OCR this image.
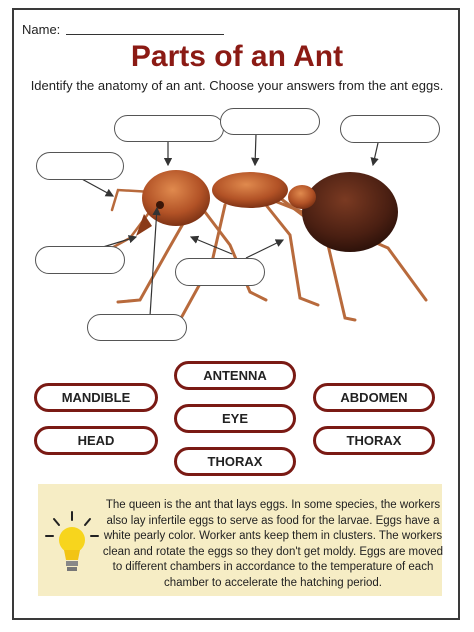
Name:
Parts of an Ant
Identify the anatomy of an ant. Choose your answers from the ant eggs.
ANTENNA
MANDIBLE	ABDOMEN
EYE
HEAD	THORAX
THORAX
The queen is the ant that lays eggs. In some species, the workers also lay infertile eggs to serve as food for the larvae. Eggs have a white pearly color. Worker ants keep them in clusters. The workers clean and rotate the eggs so they don't get moldy. Eggs are moved to different chambers in accordance to the temperature of each chamber to accelerate the hatching period.
